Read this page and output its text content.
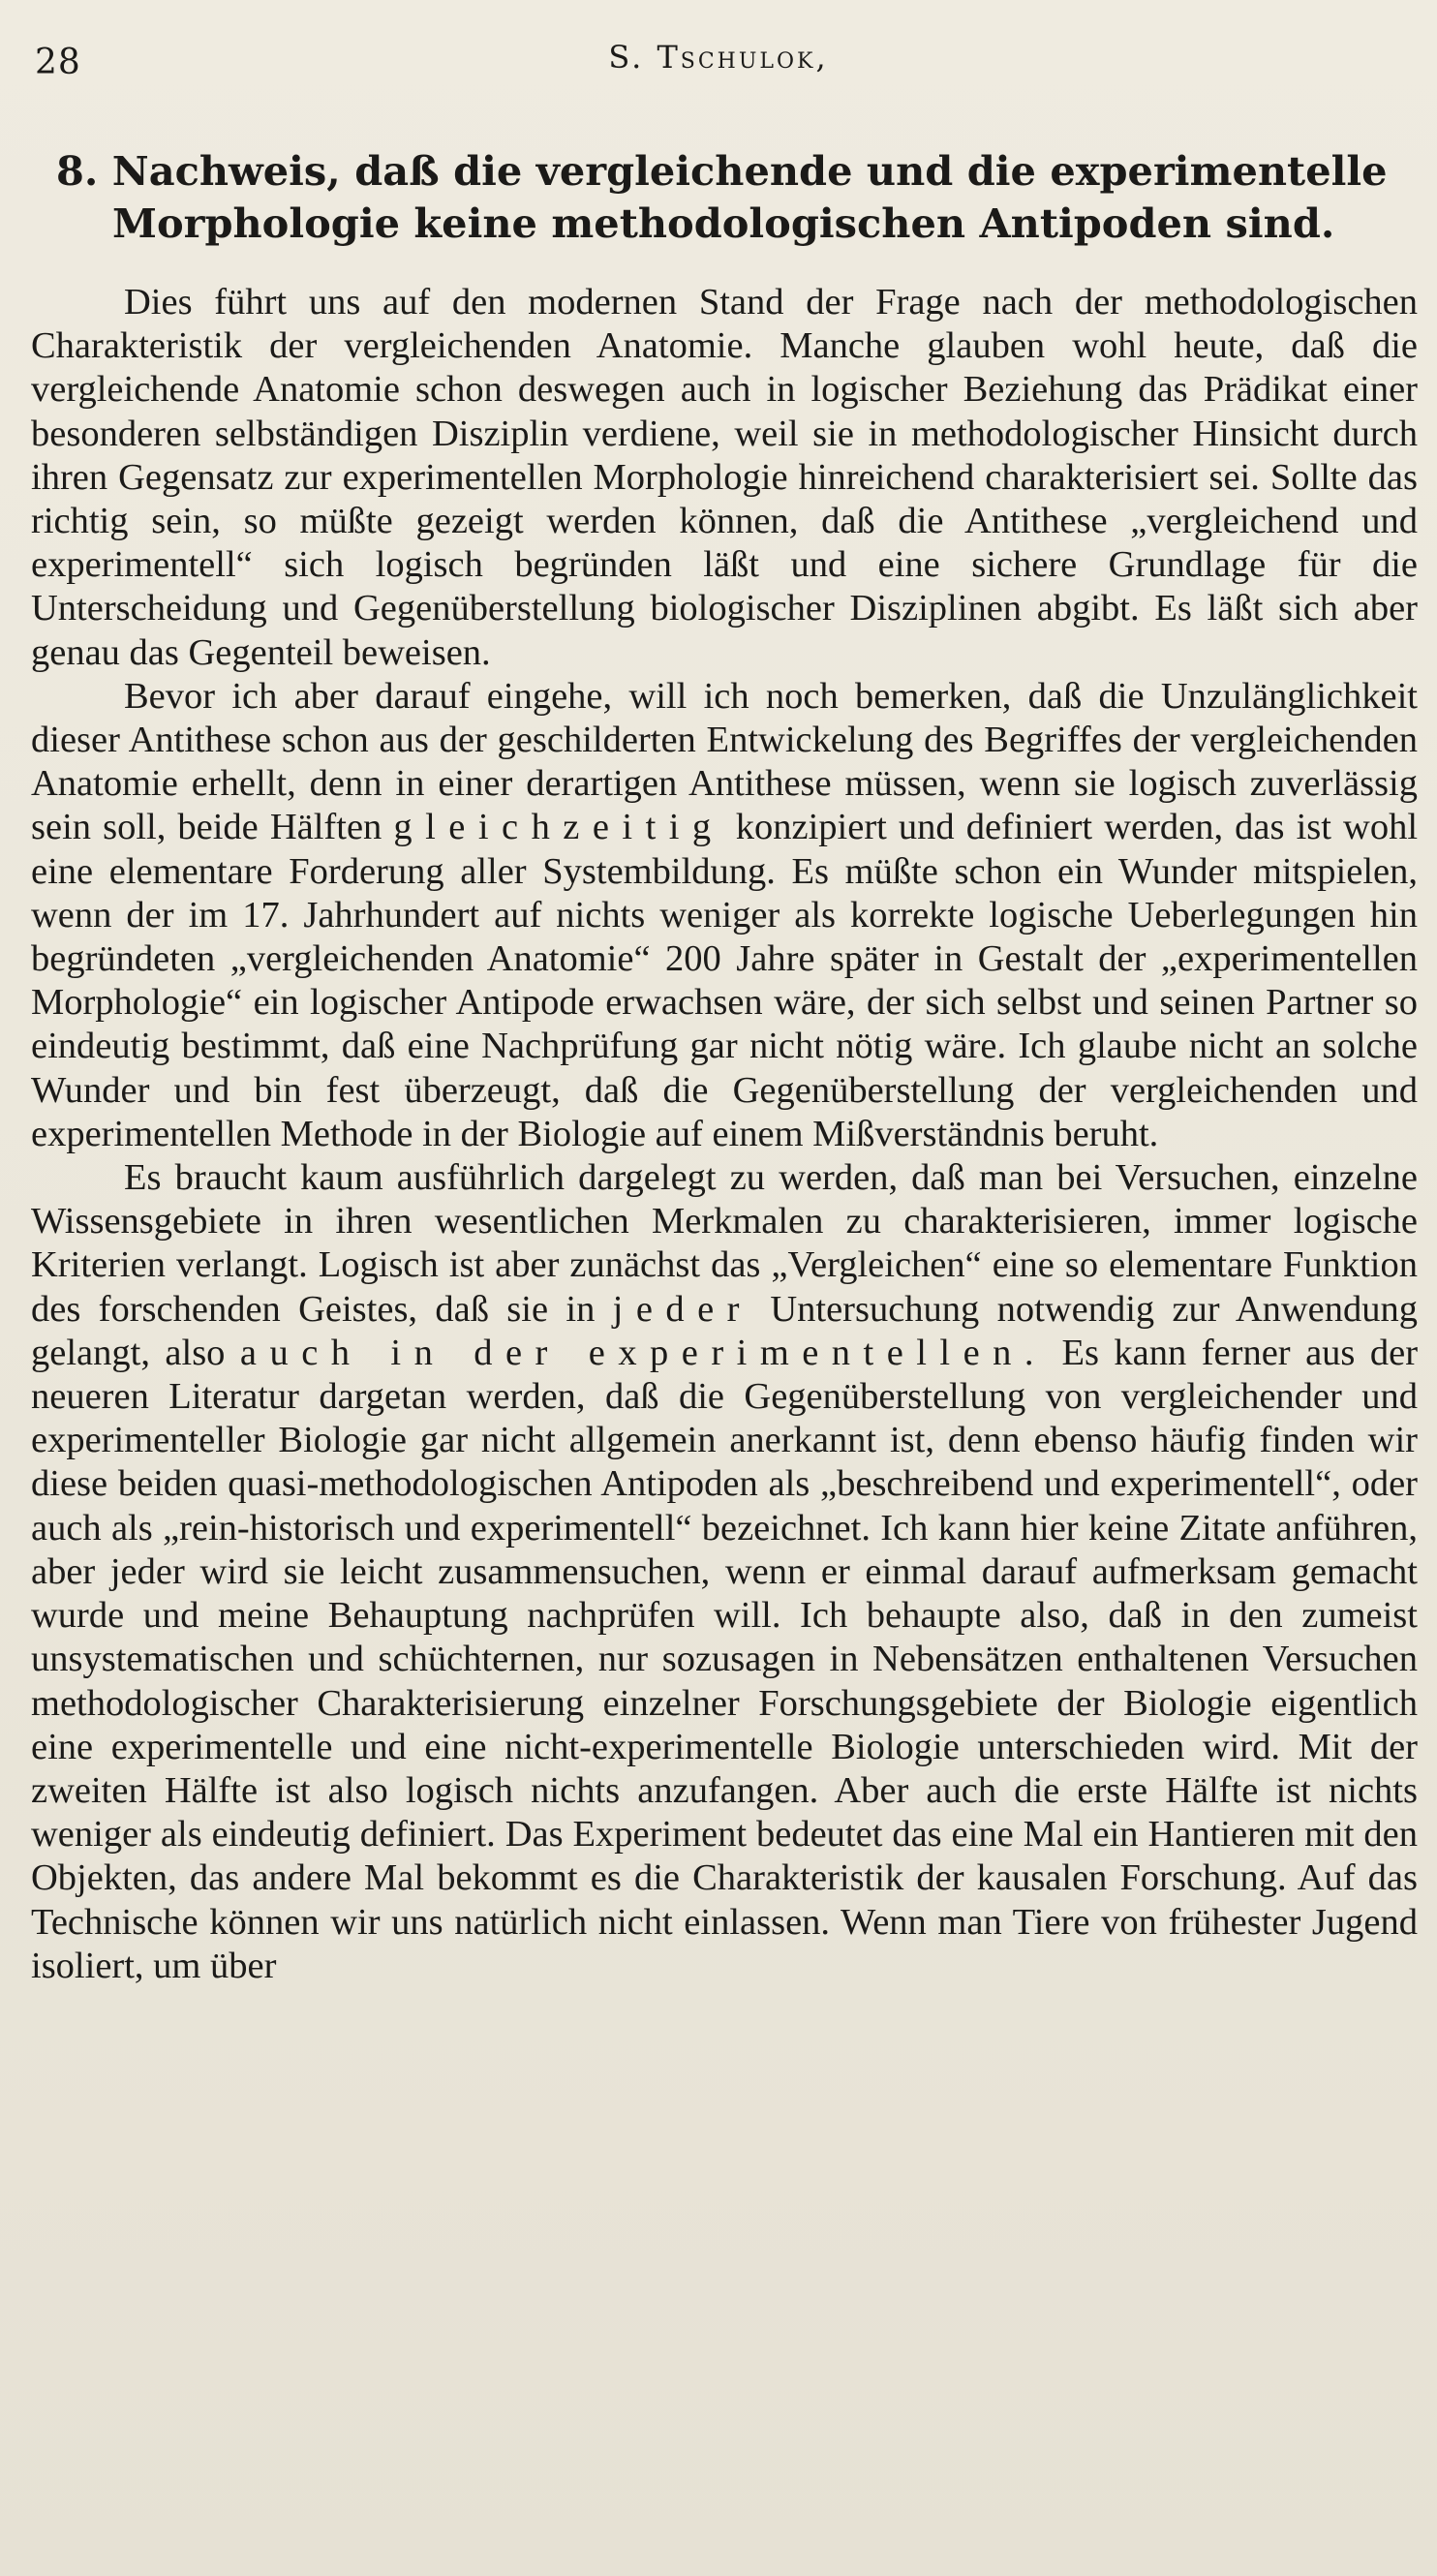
28	S. Tschulok,
8. Nachweis, daß die vergleichende und die experimentelle
Morphologie keine methodologischen Antipoden sind.

Dies führt uns auf den modernen Stand der Frage nach der methodologischen Charakteristik der vergleichenden Anatomie. Manche glauben wohl heute, daß die vergleichende Anatomie schon deswegen auch in logischer Beziehung das Prädikat einer besonderen selbständigen Disziplin verdiene, weil sie in methodologischer Hinsicht durch ihren Gegensatz zur experimentellen Morphologie hinreichend charakterisiert sei. Sollte das richtig sein, so müßte gezeigt werden können, daß die Antithese „vergleichend und experimentell“ sich logisch begründen läßt und eine sichere Grundlage für die Unterscheidung und Gegenüberstellung biologischer Disziplinen abgibt. Es läßt sich aber genau das Gegenteil beweisen.

Bevor ich aber darauf eingehe, will ich noch bemerken, daß die Unzulänglichkeit dieser Antithese schon aus der geschilderten Entwickelung des Begriffes der vergleichenden Anatomie erhellt, denn in einer derartigen Antithese müssen, wenn sie logisch zuverlässig sein soll, beide Hälften gleichzeitig konzipiert und definiert werden, das ist wohl eine elementare Forderung aller Systembildung. Es müßte schon ein Wunder mitspielen, wenn der im 17. Jahrhundert auf nichts weniger als korrekte logische Ueberlegungen hin begründeten „vergleichenden Anatomie“ 200 Jahre später in Gestalt der „experimentellen Morphologie“ ein logischer Antipode erwachsen wäre, der sich selbst und seinen Partner so eindeutig bestimmt, daß eine Nachprüfung gar nicht nötig wäre. Ich glaube nicht an solche Wunder und bin fest überzeugt, daß die Gegenüberstellung der vergleichenden und experimentellen Methode in der Biologie auf einem Mißverständnis beruht.

Es braucht kaum ausführlich dargelegt zu werden, daß man bei Versuchen, einzelne Wissensgebiete in ihren wesentlichen Merkmalen zu charakterisieren, immer logische Kriterien verlangt. Logisch ist aber zunächst das „Vergleichen“ eine so elementare Funktion des forschenden Geistes, daß sie in jeder Untersuchung notwendig zur Anwendung gelangt, also auch in der experimentellen. Es kann ferner aus der neueren Literatur dargetan werden, daß die Gegenüberstellung von vergleichender und experimenteller Biologie gar nicht allgemein anerkannt ist, denn ebenso häufig finden wir diese beiden quasi-methodologischen Antipoden als „beschreibend und experimentell“, oder auch als „rein-historisch und experimentell“ bezeichnet. Ich kann hier keine Zitate anführen, aber jeder wird sie leicht zusammensuchen, wenn er einmal darauf aufmerksam gemacht wurde und meine Behauptung nachprüfen will. Ich behaupte also, daß in den zumeist unsystematischen und schüchternen, nur sozusagen in Nebensätzen enthaltenen Versuchen methodologischer Charakterisierung einzelner Forschungsgebiete der Biologie eigentlich eine experimentelle und eine nicht-experimentelle Biologie unterschieden wird. Mit der zweiten Hälfte ist also logisch nichts anzufangen. Aber auch die erste Hälfte ist nichts weniger als eindeutig definiert. Das Experiment bedeutet das eine Mal ein Hantieren mit den Objekten, das andere Mal bekommt es die Charakteristik der kausalen Forschung. Auf das Technische können wir uns natürlich nicht einlassen. Wenn man Tiere von frühester Jugend isoliert, um über
